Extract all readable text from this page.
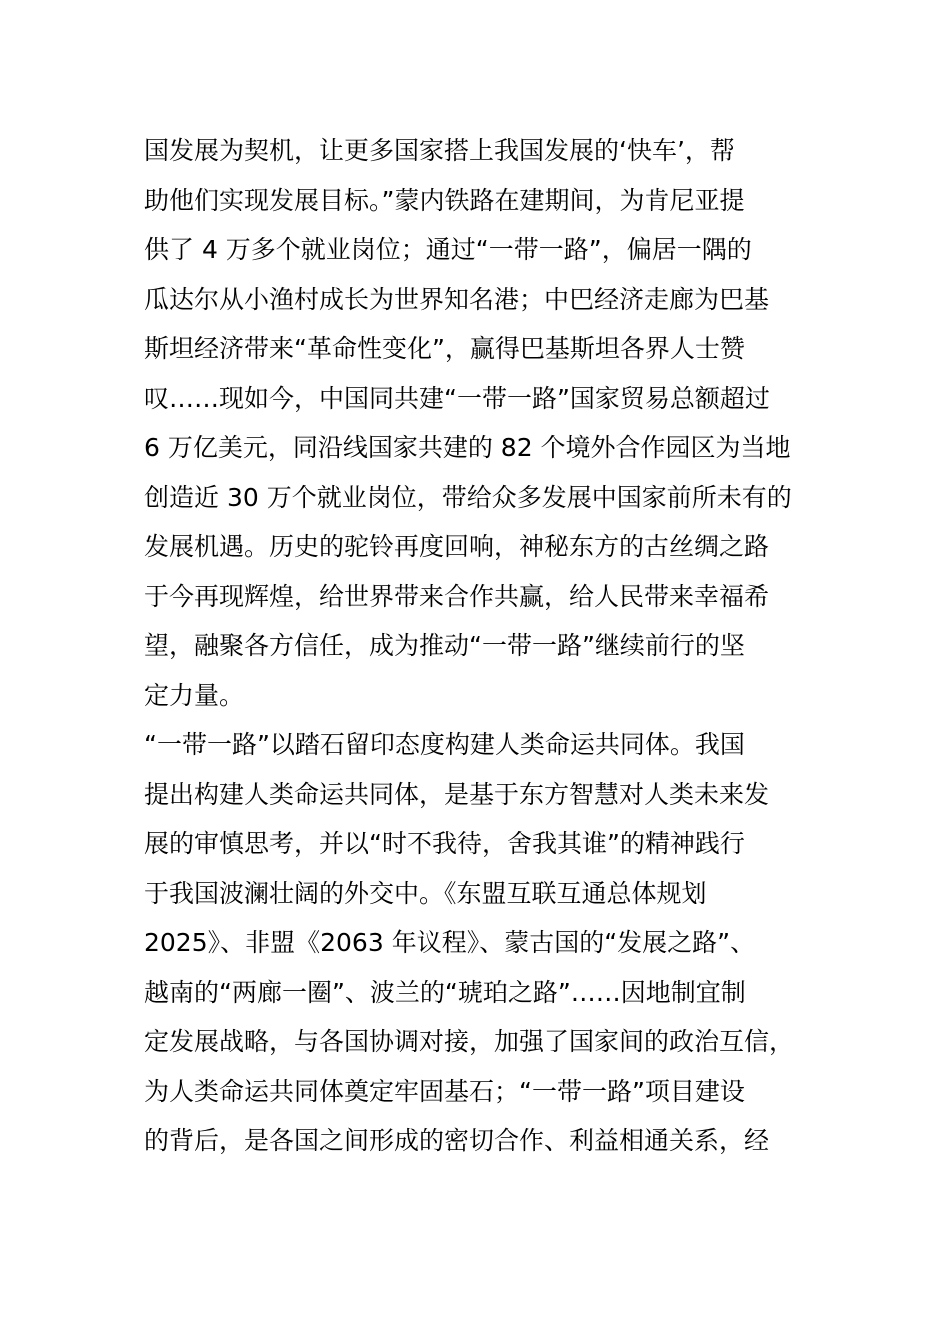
国发展为契机，让更多国家搭上我国发展的‘快车’，帮
助他们实现发展目标。”蒙内铁路在建期间，为肯尼亚提
供了 4 万多个就业岗位；通过“一带一路”，偏居一隅的
瓜达尔从小渔村成长为世界知名港；中巴经济走廊为巴基
斯坦经济带来“革命性变化”，赢得巴基斯坦各界人士赞
叹……现如今，中国同共建“一带一路”国家贸易总额超过
6 万亿美元，同沿线国家共建的 82 个境外合作园区为当地
创造近 30 万个就业岗位，带给众多发展中国家前所未有的
发展机遇。历史的驼铃再度回响，神秘东方的古丝绸之路
于今再现辉煌，给世界带来合作共赢，给人民带来幸福希
望，融聚各方信任，成为推动“一带一路”继续前行的坚
定力量。
“一带一路”以踏石留印态度构建人类命运共同体。我国
提出构建人类命运共同体，是基于东方智慧对人类未来发
展的审慎思考，并以“时不我待，舍我其谁”的精神践行
于我国波澜壮阔的外交中。《东盟互联互通总体规划
2025》、非盟《2063 年议程》、蒙古国的“发展之路”、
越南的“两廊一圈”、波兰的“琥珀之路”……因地制宜制
定发展战略，与各国协调对接，加强了国家间的政治互信，
为人类命运共同体奠定牢固基石；“一带一路”项目建设
的背后，是各国之间形成的密切合作、利益相通关系，经
